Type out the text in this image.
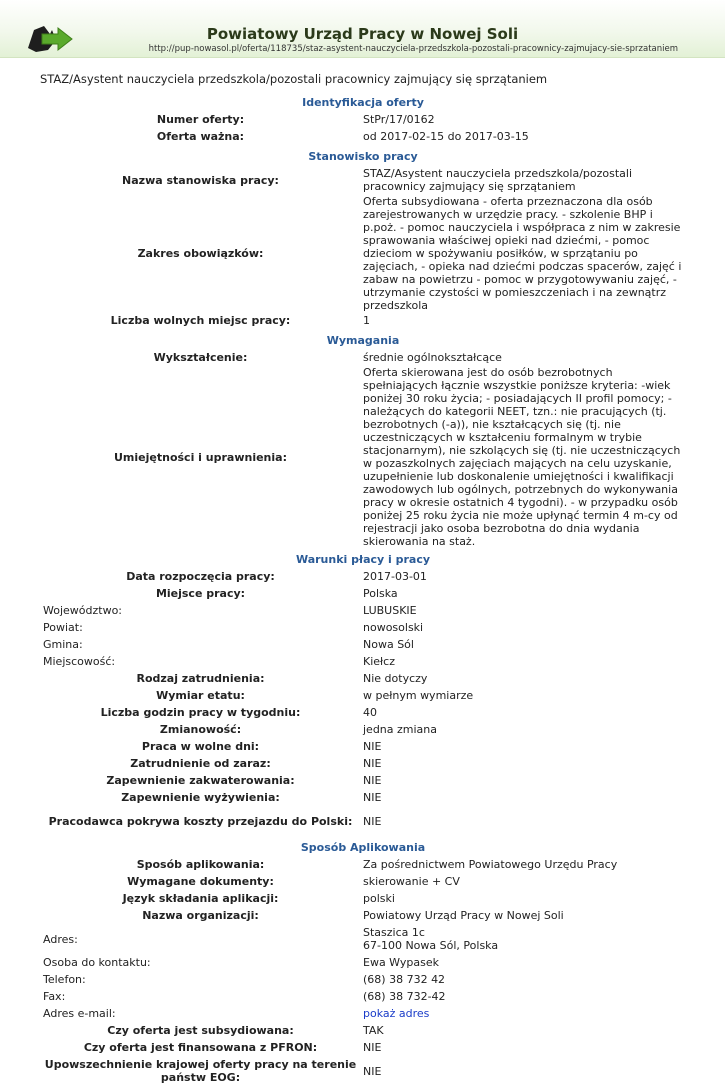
Powiatowy Urząd Pracy w Nowej Soli
http://pup-nowasol.pl/oferta/118735/staz-asystent-nauczyciela-przedszkola-pozostali-pracownicy-zajmujacy-sie-sprzataniem
STAZ/Asystent nauczyciela przedszkola/pozostali pracownicy zajmujący się sprzątaniem
Identyfikacja oferty	
Numer oferty:	StPr/17/0162
Oferta ważna:	od 2017-02-15 do 2017-03-15
Stanowisko pracy	
Nazwa stanowiska pracy:	STAZ/Asystent nauczyciela przedszkola/pozostali pracownicy zajmujący się sprzątaniem
Zakres obowiązków:	Oferta subsydiowana - oferta przeznaczona dla osób zarejestrowanych w urzędzie pracy. - szkolenie BHP i p.poż. - pomoc nauczyciela i współpraca z nim w zakresie sprawowania właściwej opieki nad dziećmi, - pomoc dzieciom w spożywaniu posiłków, w sprzątaniu po zajęciach, - opieka nad dziećmi podczas spacerów, zajęć i zabaw na powietrzu - pomoc w przygotowywaniu zajęć, - utrzymanie czystości w pomieszczeniach i na zewnątrz przedszkola
Liczba wolnych miejsc pracy:	1
Wymagania	
Wykształcenie:	średnie ogólnokształcące
Umiejętności i uprawnienia:	Oferta skierowana jest do osób bezrobotnych spełniających łącznie wszystkie poniższe kryteria: -wiek poniżej 30 roku życia; - posiadających II profil pomocy; - należących do kategorii NEET, tzn.: nie pracujących (tj. bezrobotnych (-a)), nie kształcących się (tj. nie uczestniczących w kształceniu formalnym w trybie stacjonarnym), nie szkolących się (tj. nie uczestniczących w pozaszkolnych zajęciach mających na celu uzyskanie, uzupełnienie lub doskonalenie umiejętności i kwalifikacji zawodowych lub ogólnych, potrzebnych do wykonywania pracy w okresie ostatnich 4 tygodni). - w przypadku osób poniżej 25 roku życia nie może upłynąć termin 4 m-cy od rejestracji jako osoba bezrobotna do dnia wydania skierowania na staż.
Warunki płacy i pracy	
Data rozpoczęcia pracy:	2017-03-01
Miejsce pracy:	Polska
Województwo:	LUBUSKIE
Powiat:	nowosolski
Gmina:	Nowa Sól
Miejscowość:	Kiełcz
Rodzaj zatrudnienia:	Nie dotyczy
Wymiar etatu:	w pełnym wymiarze
Liczba godzin pracy w tygodniu:	40
Zmianowość:	jedna zmiana
Praca w wolne dni:	NIE
Zatrudnienie od zaraz:	NIE
Zapewnienie zakwaterowania:	NIE
Zapewnienie wyżywienia:	NIE
Pracodawca pokrywa koszty przejazdu do Polski:	NIE
Sposób Aplikowania	
Sposób aplikowania:	Za pośrednictwem Powiatowego Urzędu Pracy
Wymagane dokumenty:	skierowanie + CV
Język składania aplikacji:	polski
Nazwa organizacji:	Powiatowy Urząd Pracy w Nowej Soli
Adres:	Staszica 1c
67-100 Nowa Sól, Polska
Osoba do kontaktu:	Ewa Wypasek
Telefon:	(68) 38 732 42
Fax:	(68) 38 732-42
Adres e-mail:	pokaż adres
Czy oferta jest subsydiowana:	TAK
Czy oferta jest finansowana z PFRON:	NIE
Upowszechnienie krajowej oferty pracy na terenie państw EOG:	NIE
